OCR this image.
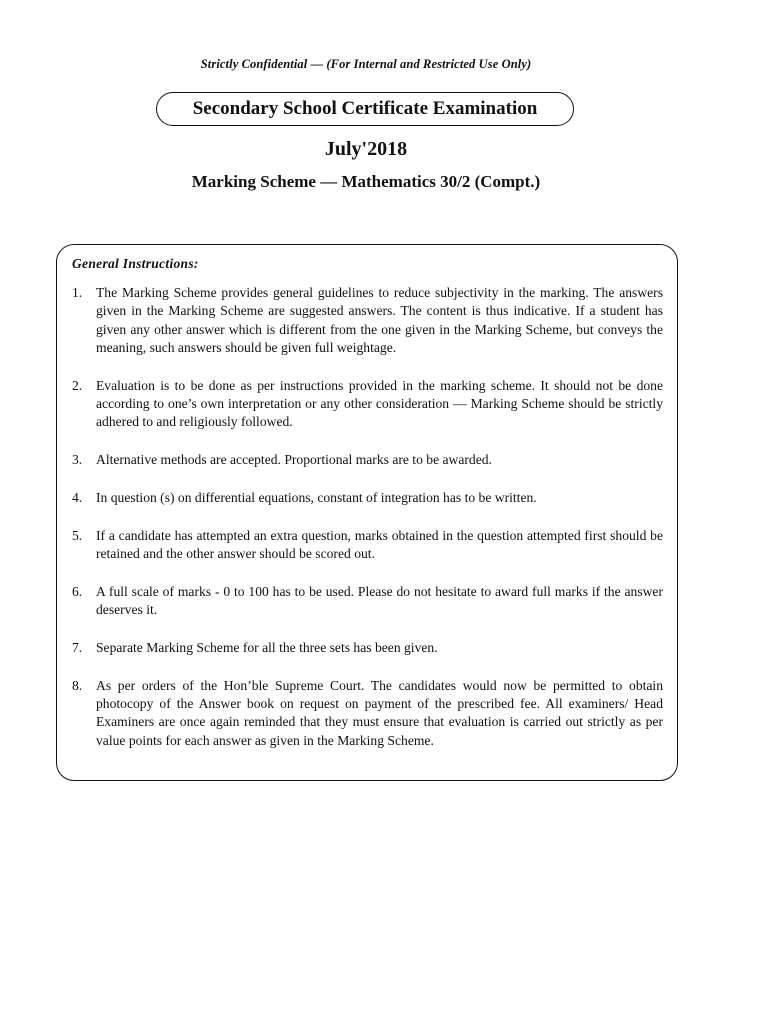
Strictly Confidential — (For Internal and Restricted Use Only)
Secondary School Certificate Examination
July'2018
Marking Scheme — Mathematics 30/2 (Compt.)
General Instructions:
1.	The Marking Scheme provides general guidelines to reduce subjectivity in the marking. The answers given in the Marking Scheme are suggested answers. The content is thus indicative. If a student has given any other answer which is different from the one given in the Marking Scheme, but conveys the meaning, such answers should be given full weightage.
2.	Evaluation is to be done as per instructions provided in the marking scheme. It should not be done according to one’s own interpretation or any other consideration — Marking Scheme should be strictly adhered to and religiously followed.
3.	Alternative methods are accepted. Proportional marks are to be awarded.
4.	In question (s) on differential equations, constant of integration has to be written.
5.	If a candidate has attempted an extra question, marks obtained in the question attempted first should be retained and the other answer should be scored out.
6.	A full scale of marks - 0 to 100 has to be used. Please do not hesitate to award full marks if the answer deserves it.
7.	Separate Marking Scheme for all the three sets has been given.
8.	As per orders of the Hon’ble Supreme Court. The candidates would now be permitted to obtain photocopy of the Answer book on request on payment of the prescribed fee. All examiners/ Head Examiners are once again reminded that they must ensure that evaluation is carried out strictly as per value points for each answer as given in the Marking Scheme.
